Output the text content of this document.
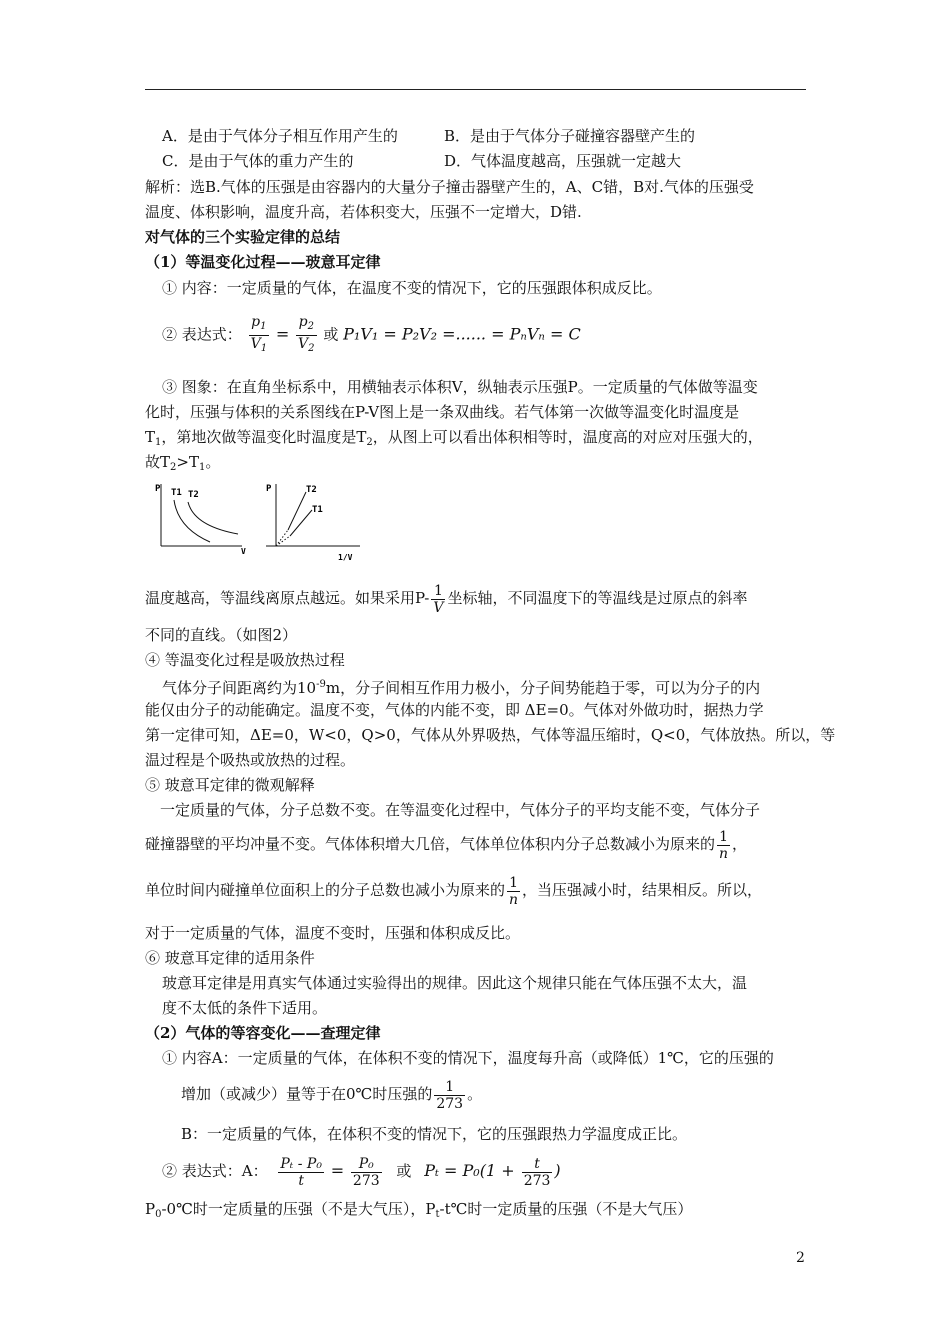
A．是由于气体分子相互作用产生的	B．是由于气体分子碰撞容器壁产生的
C．是由于气体的重力产生的	D．气体温度越高，压强就一定越大
解析：选B.气体的压强是由容器内的大量分子撞击器壁产生的，A、C错，B对.气体的压强受
温度、体积影响，温度升高，若体积变大，压强不一定增大，D错.
对气体的三个实验定律的总结
（1）等温变化过程——玻意耳定律
① 内容：一定质量的气体，在温度不变的情况下，它的压强跟体积成反比。
② 表达式： $\frac{p_1}{V_1} = \frac{p_2}{V_2}$ 或 P₁V₁ = P₂V₂ =...... = PₙVₙ = C
③ 图象：在直角坐标系中，用横轴表示体积V，纵轴表示压强P。一定质量的气体做等温变
化时，压强与体积的关系图线在P-V图上是一条双曲线。若气体第一次做等温变化时温度是
$T_1$，第地次做等温变化时温度是$T_2$，从图上可以看出体积相等时，温度高的对应对压强大的，
故$T_2>T_1$。
P
V
T1 T2
P
1/V
T2
T1
温度越高，等温线离原点越远。如果采用$P- \frac{1}{V}$ 坐标轴，不同温度下的等温线是过原点的斜率
不同的直线。（如图2）
④ 等温变化过程是吸放热过程
气体分子间距离约为$10^{-9}m$，分子间相互作用力极小，分子间势能趋于零，可以为分子的内
能仅由分子的动能确定。温度不变，气体的内能不变，即 ΔE=0。气体对外做功时，据热力学
第一定律可知，ΔE=0，W<0，Q>0，气体从外界吸热，气体等温压缩时，Q<0，气体放热。所以，等
温过程是个吸热或放热的过程。
⑤ 玻意耳定律的微观解释
一定质量的气体，分子总数不变。在等温变化过程中，气体分子的平均支能不变，气体分子
碰撞器壁的平均冲量不变。气体体积增大几倍，气体单位体积内分子总数减小为原来的 $\frac{1}{n}$ ，
单位时间内碰撞单位面积上的分子总数也减小为原来的 $\frac{1}{n}$ ，当压强减小时，结果相反。所以，
对于一定质量的气体，温度不变时，压强和体积成反比。
⑥ 玻意耳定律的适用条件
玻意耳定律是用真实气体通过实验得出的规律。因此这个规律只能在气体压强不太大，温
度不太低的条件下适用。
（2）气体的等容变化——查理定律
① 内容A：一定质量的气体，在体积不变的情况下，温度每升高（或降低）1℃，它的压强的
增加（或减少）量等于在0℃时压强的 $\frac{1}{273}$ 。
B：一定质量的气体，在体积不变的情况下，它的压强跟热力学温度成正比。
② 表达式：A： $\frac{\text{Pₜ - P₀}}{t} = \frac{\text{P₀}}{273}$ 或 $P_t = P_0(1 + \frac{t}{273}$ )
$P_0-0℃$时一定质量的压强（不是大气压），$P_t-t℃$时一定质量的压强（不是大气压）
2
